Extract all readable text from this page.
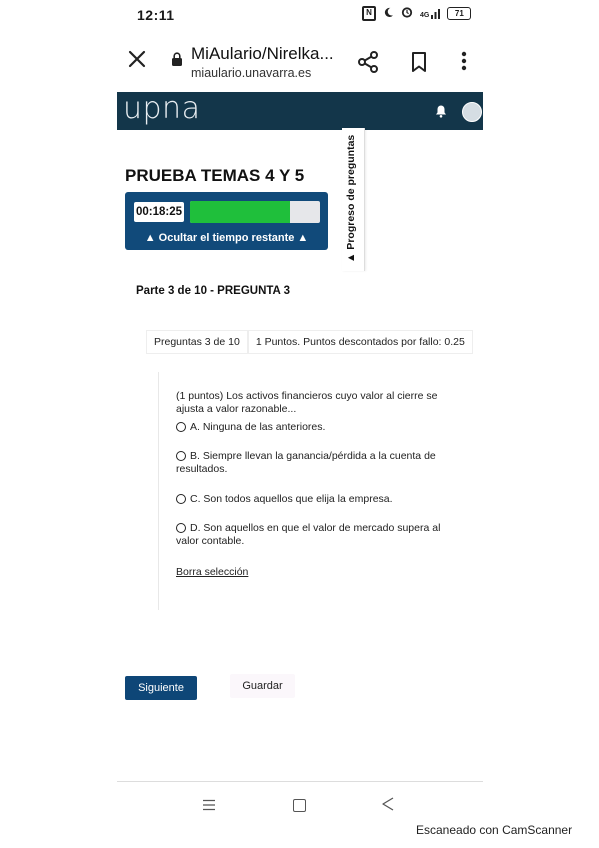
12:11	N	4G	71
MiAulario/Nirelka...
miaulario.unavarra.es
upna
PRUEBA TEMAS 4 Y 5
00:18:25
▲ Ocultar el tiempo restante ▲	▲ Progreso de preguntas
Parte 3 de 10 - PREGUNTA 3
Preguntas 3 de 10	1 Puntos. Puntos descontados por fallo: 0.25
(1 puntos) Los activos financieros cuyo valor al cierre se ajusta a valor razonable...
A. Ninguna de las anteriores.
B. Siempre llevan la ganancia/pérdida a la cuenta de resultados.
C. Son todos aquellos que elija la empresa.
D. Son aquellos en que el valor de mercado supera al valor contable.
Borra selección
Siguiente	Guardar
Escaneado con CamScanner
